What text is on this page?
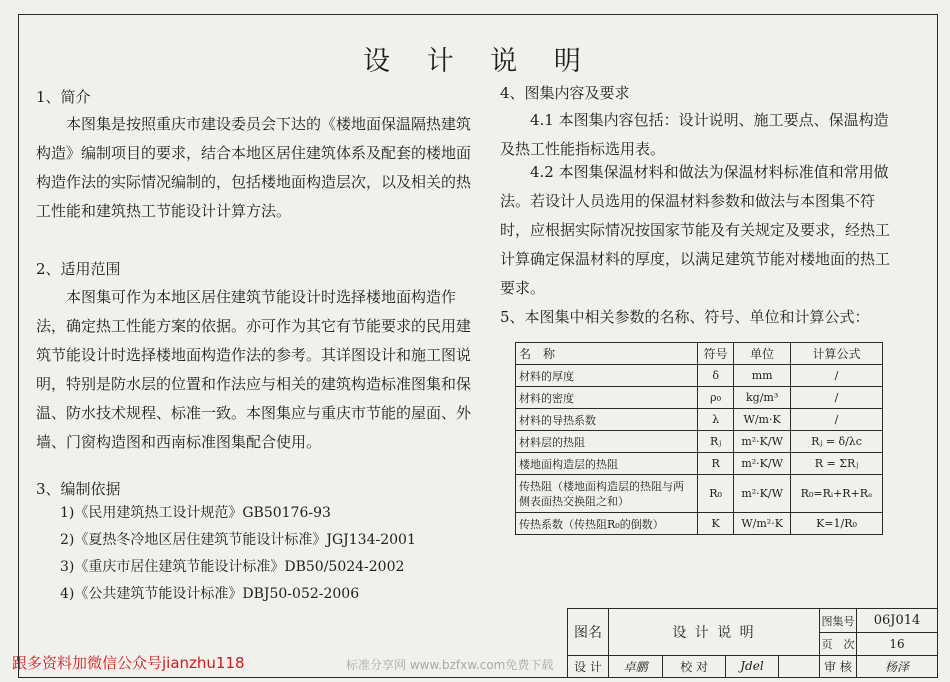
设 计 说 明
1、简介

本图集是按照重庆市建设委员会下达的《楼地面保温隔热建筑构造》编制项目的要求，结合本地区居住建筑体系及配套的楼地面构造作法的实际情况编制的，包括楼地面构造层次，以及相关的热工性能和建筑热工节能设计计算方法。

2、适用范围

本图集可作为本地区居住建筑节能设计时选择楼地面构造作法，确定热工性能方案的依据。亦可作为其它有节能要求的民用建筑节能设计时选择楼地面构造作法的参考。其详图设计和施工图说明，特别是防水层的位置和作法应与相关的建筑构造标准图集和保温、防水技术规程、标准一致。本图集应与重庆市节能的屋面、外墙、门窗构造图和西南标准图集配合使用。

3、编制依据
1)《民用建筑热工设计规范》GB50176-93
2)《夏热冬冷地区居住建筑节能设计标准》JGJ134-2001
3)《重庆市居住建筑节能设计标准》DB50/5024-2002
4)《公共建筑节能设计标准》DBJ50-052-2006
4、图集内容及要求

4.1 本图集内容包括：设计说明、施工要点、保温构造及热工性能指标选用表。

4.2 本图集保温材料和做法为保温材料标准值和常用做法。若设计人员选用的保温材料参数和做法与本图集不符时，应根据实际情况按国家节能及有关规定及要求，经热工计算确定保温材料的厚度，以满足建筑节能对楼地面的热工要求。

5、本图集中相关参数的名称、符号、单位和计算公式：
名　称	符号	单位	计算公式
材料的厚度	δ	mm	/
材料的密度	ρ₀	kg/m³	/
材料的导热系数	λ	W/m·K	/
材料层的热阻	Rⱼ	m²·K/W	Rⱼ = δ/λc
楼地面构造层的热阻	R	m²·K/W	R = ΣRⱼ
传热阻（楼地面构造层的热阻与两侧表面热交换阻之和）	R₀	m²·K/W	R₀=Rᵢ+R+Rₑ
传热系数（传热阻R₀的倒数）	K	W/m²·K	K=1/R₀
图名	设 计 说 明				图集号	06J014
					页　次	16
设 计	卓鹏	校 对	Jdel		审 核	杨泽
跟多资料加微信公众号jianzhu118	标准分享网 www.bzfxw.com免费下载
